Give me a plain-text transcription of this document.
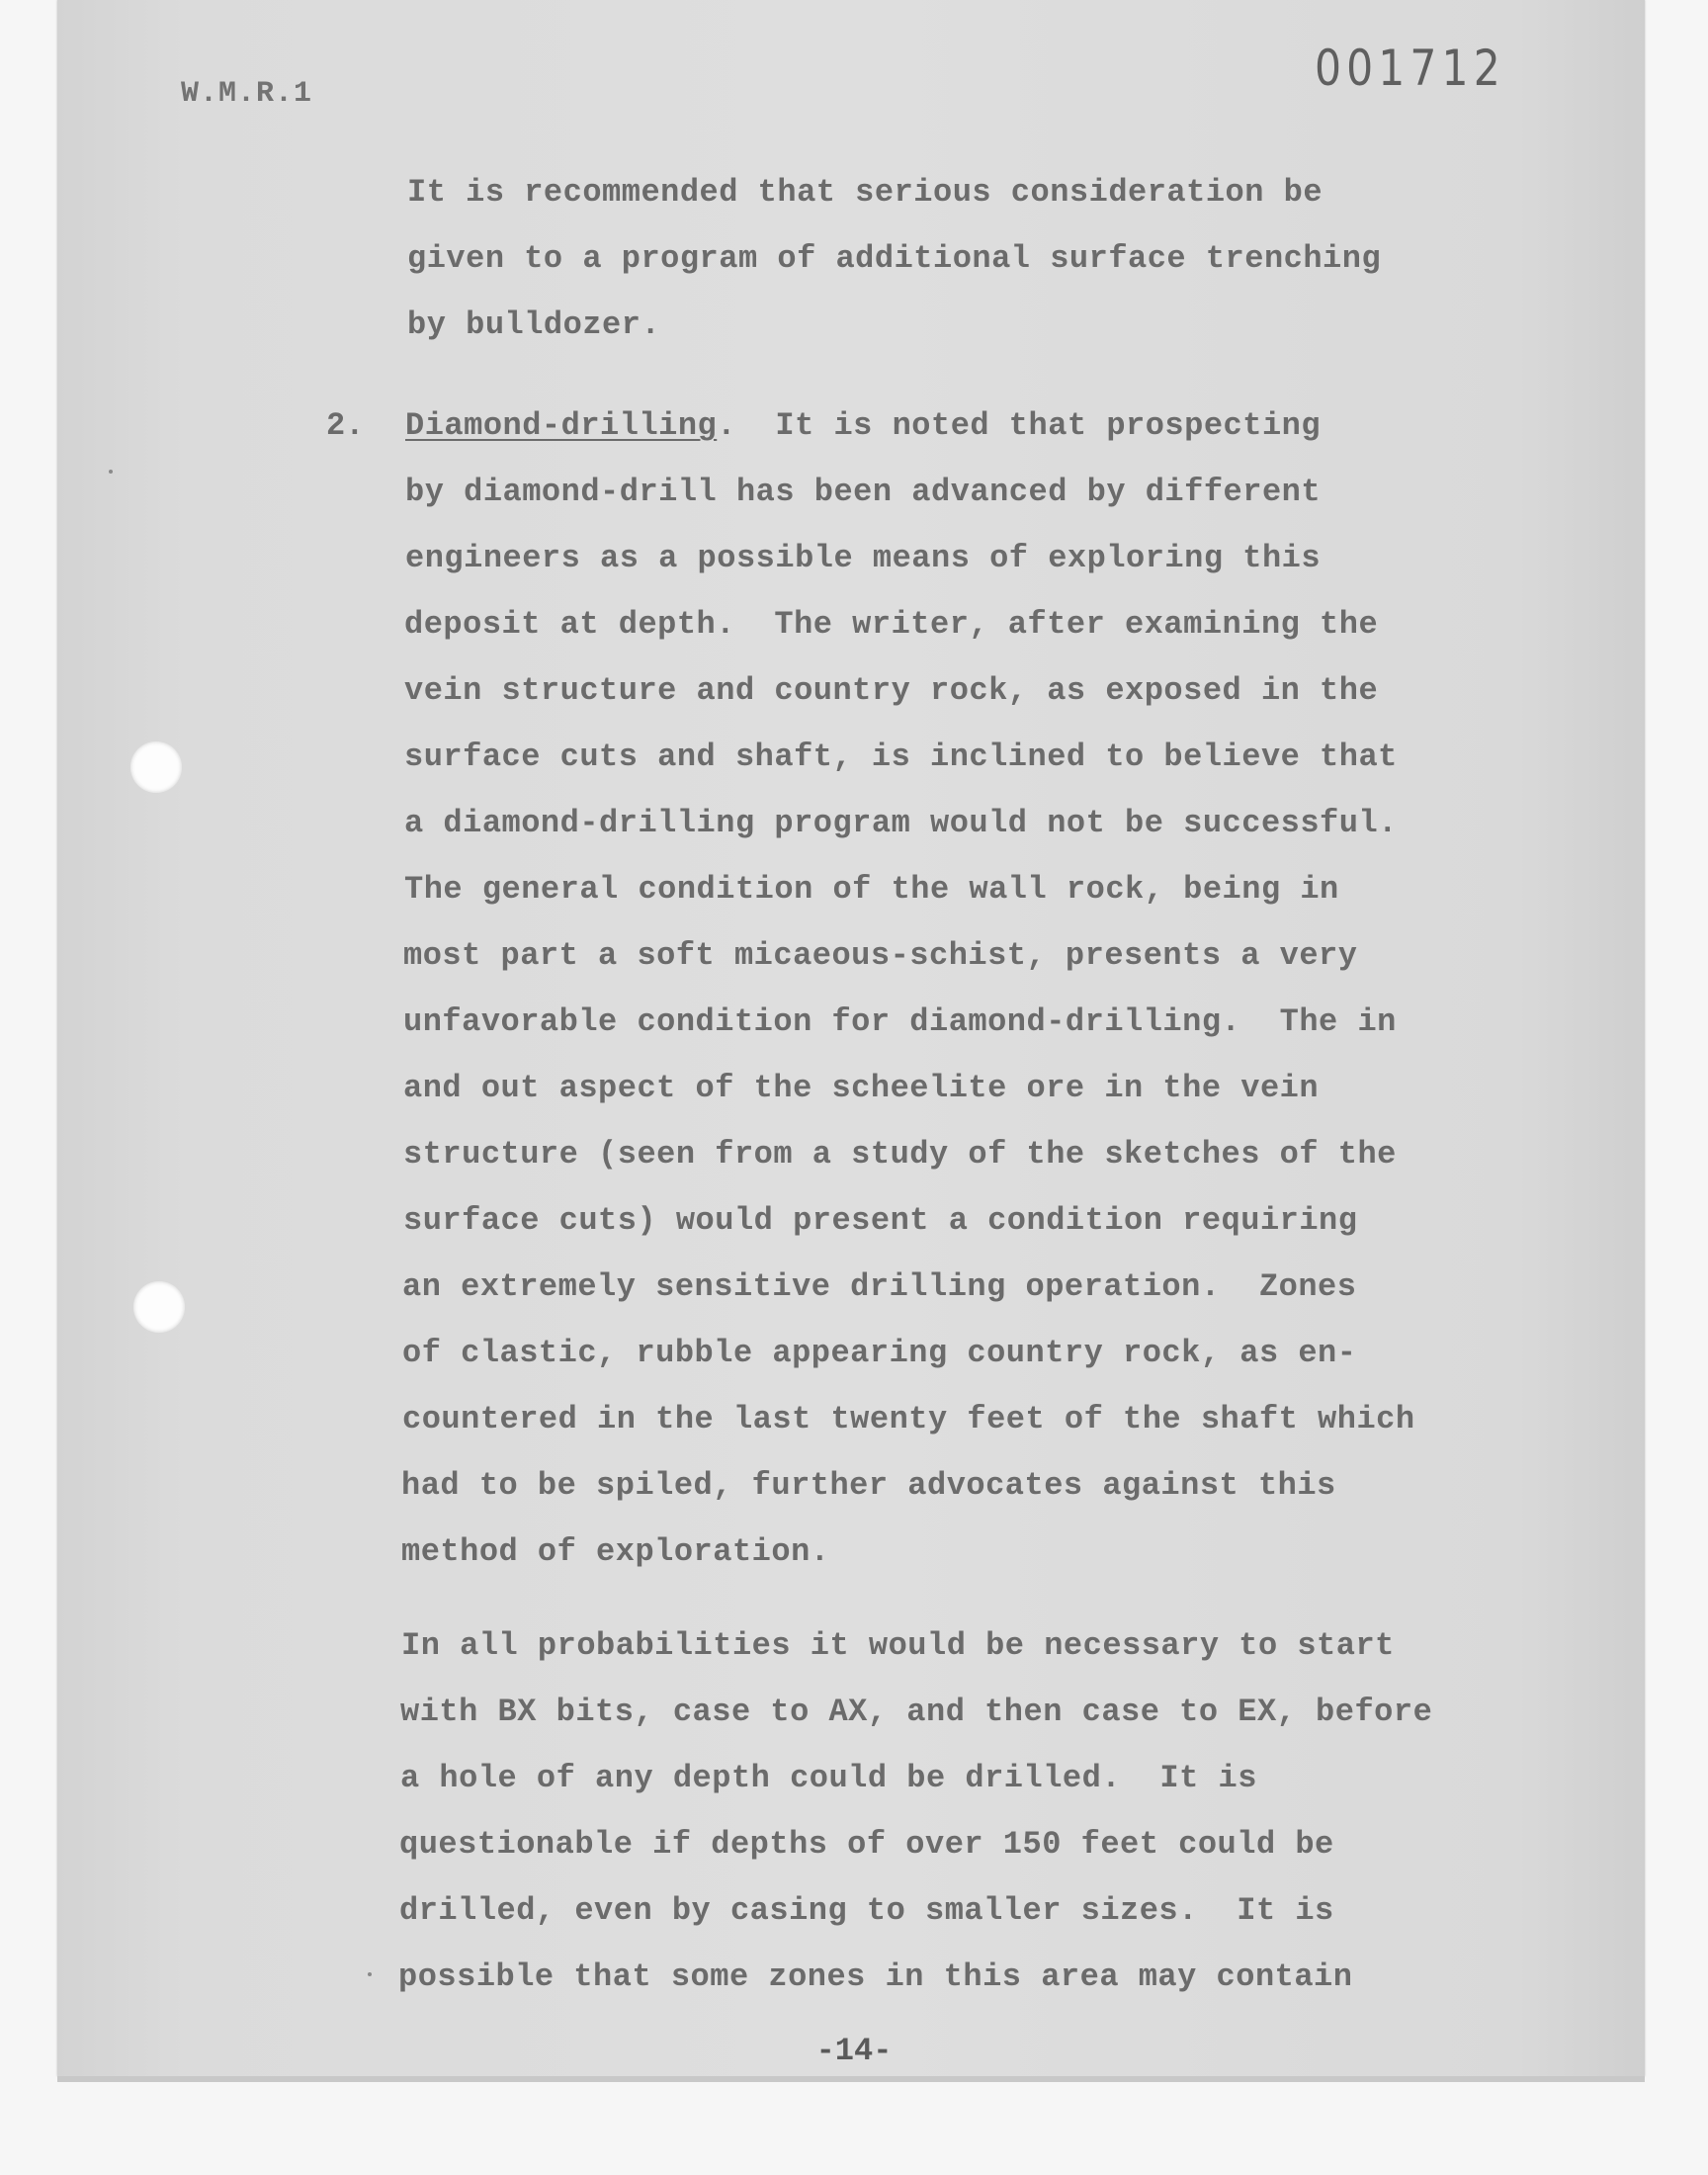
W.M.R.1	001712
It is recommended that serious consideration be
given to a program of additional surface trenching
by bulldozer.
2. Diamond-drilling.  It is noted that prospecting
by diamond-drill has been advanced by different
engineers as a possible means of exploring this
deposit at depth.  The writer, after examining the
vein structure and country rock, as exposed in the
surface cuts and shaft, is inclined to believe that
a diamond-drilling program would not be successful.
The general condition of the wall rock, being in
most part a soft micaeous-schist, presents a very
unfavorable condition for diamond-drilling.  The in
and out aspect of the scheelite ore in the vein
structure (seen from a study of the sketches of the
surface cuts) would present a condition requiring
an extremely sensitive drilling operation.  Zones
of clastic, rubble appearing country rock, as en-
countered in the last twenty feet of the shaft which
had to be spiled, further advocates against this
method of exploration.
In all probabilities it would be necessary to start
with BX bits, case to AX, and then case to EX, before
a hole of any depth could be drilled.  It is
questionable if depths of over 150 feet could be
drilled, even by casing to smaller sizes.  It is
possible that some zones in this area may contain
-14-
